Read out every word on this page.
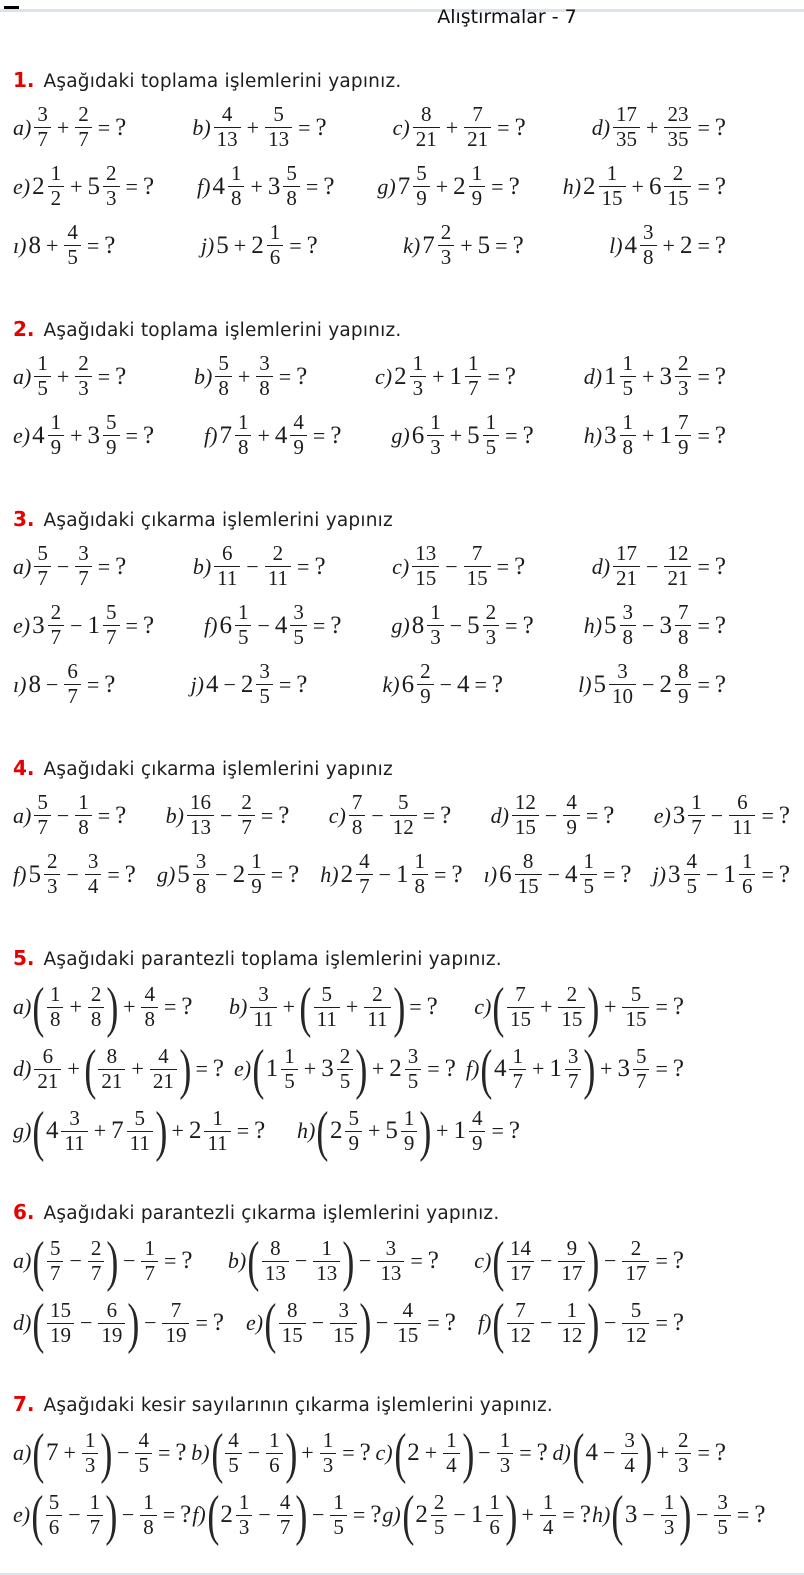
Alıştırmalar - 7
1. Aşağıdaki toplama işlemlerini yapınız.
$a) \frac{3}{7} + \frac{2}{7}$ = ?	$b) \frac{4}{13} + \frac{5}{13}$ = ?	$c) \frac{8}{21} + \frac{7}{21}$ = ?	$d) \frac{17}{35} + \frac{23}{35}$ = ?
e) $2 \frac{1}{2} + 5 \frac{2}{3}$ = ? f) $4 \frac{1}{8} + 3 \frac{5}{8}$ = ? g) $7 \frac{5}{9} + 2 \frac{1}{9}$ = ? h) $2 \frac{1}{15} + 6 \frac{2}{15}$ = ?
ı) $8 + \frac{4}{5}$ = ?	j) $5 + 2 \frac{1}{6}$ = ?	k) $7 \frac{2}{3} + 5$ = ?	l) $4 \frac{3}{8} + 2$ = ?
2. Aşağıdaki toplama işlemlerini yapınız.
$a) \frac{1}{5} + \frac{2}{3}$ = ?	$b) \frac{5}{8} + \frac{3}{8}$ = ?	c) $2 \frac{1}{3} + 1 \frac{1}{7}$ = ?	d) $1 \frac{1}{5} + 3 \frac{2}{3}$ = ?
e) $4 \frac{1}{9} + 3 \frac{5}{9}$ = ? f) $7 \frac{1}{8} + 4 \frac{4}{9}$ = ? g) $6 \frac{1}{3} + 5 \frac{1}{5}$ = ? h) $3 \frac{1}{8} + 1 \frac{7}{9}$ = ?
3. Aşağıdaki çıkarma işlemlerini yapınız
$a) \frac{5}{7} - \frac{3}{7}$ = ?	$b) \frac{6}{11} - \frac{2}{11}$ = ?	$c) \frac{13}{15} - \frac{7}{15}$ = ?	$d) \frac{17}{21} - \frac{12}{21}$ = ?
e) $3 \frac{2}{7} - 1 \frac{5}{7}$ = ? f) $6 \frac{1}{5} - 4 \frac{3}{5}$ = ? g) $8 \frac{1}{3} - 5 \frac{2}{3}$ = ? h) $5 \frac{3}{8} - 3 \frac{7}{8}$ = ?
ı) $8 - \frac{6}{7}$ = ?	j) $4 - 2 \frac{3}{5}$ = ?	k) $6 \frac{2}{9} - 4$ = ?	l) $5 \frac{3}{10} - 2 \frac{8}{9}$ = ?
4. Aşağıdaki çıkarma işlemlerini yapınız
$a) \frac{5}{7} - \frac{1}{8}$ = ? $b) \frac{16}{13} - \frac{2}{7}$ = ? $c) \frac{7}{8} - \frac{5}{12}$ = ? $d) \frac{12}{15} - \frac{4}{9}$ = ? e) $3 \frac{1}{7} - \frac{6}{11}$ = ?
f) $5 \frac{2}{3} - \frac{3}{4}$ = ? g) $5 \frac{3}{8} - 2 \frac{1}{9}$ = ? h) $2 \frac{4}{7} - 1 \frac{1}{8}$ = ? ı) $6 \frac{8}{15} - 4 \frac{1}{5}$ = ? j) $3 \frac{4}{5} - 1 \frac{1}{6}$ = ?
5. Aşağıdaki parantezli toplama işlemlerini yapınız.
a) ( $\frac{1}{8} + \frac{2}{8}$ ) + $\frac{4}{8}$ = ? $b) \frac{3}{11}$ + ( $\frac{5}{11} + \frac{2}{11}$ ) = ? c) ( $\frac{7}{15} + \frac{2}{15}$ ) + $\frac{5}{15}$ = ?
$d) \frac{6}{21}$ + ( $\frac{8}{21} + \frac{4}{21}$ ) = ? e) ( $1 \frac{1}{5} + 3 \frac{2}{5}$ ) + $2 \frac{3}{5}$ = ? f) ( $4 \frac{1}{7} + 1 \frac{3}{7}$ ) + $3 \frac{5}{7}$ = ?
g) ( $4 \frac{3}{11} + 7 \frac{5}{11}$ ) + $2 \frac{1}{11}$ = ? h) ( $2 \frac{5}{9} + 5 \frac{1}{9}$ ) + $1 \frac{4}{9}$ = ?
6. Aşağıdaki parantezli çıkarma işlemlerini yapınız.
a) ( $\frac{5}{7} - \frac{2}{7}$ ) − $\frac{1}{7}$ = ? b) ( $\frac{8}{13} - \frac{1}{13}$ ) − $\frac{3}{13}$ = ? c) ( $\frac{14}{17} - \frac{9}{17}$ ) − $\frac{2}{17}$ = ?
d) ( $\frac{15}{19} - \frac{6}{19}$ ) − $\frac{7}{19}$ = ? e) ( $\frac{8}{15} - \frac{3}{15}$ ) − $\frac{4}{15}$ = ? f) ( $\frac{7}{12} - \frac{1}{12}$ ) − $\frac{5}{12}$ = ?
7. Aşağıdaki kesir sayılarının çıkarma işlemlerini yapınız.
a) ( $7 + \frac{1}{3}$ ) − $\frac{4}{5}$ = ? b) ( $\frac{4}{5} - \frac{1}{6}$ ) + $\frac{1}{3}$ = ? c) ( $2 + \frac{1}{4}$ ) − $\frac{1}{3}$ = ? d) ( $4 - \frac{3}{4}$ ) + $\frac{2}{3}$ = ?
e) ( $\frac{5}{6} - \frac{1}{7}$ ) − $\frac{1}{8}$ = ? f) ( $2 \frac{1}{3} - \frac{4}{7}$ ) − $\frac{1}{5}$ = ? g) ( $2 \frac{2}{5} - 1 \frac{1}{6}$ ) + $\frac{1}{4}$ = ? h) ( $3 - \frac{1}{3}$ ) − $\frac{3}{5}$ = ?
